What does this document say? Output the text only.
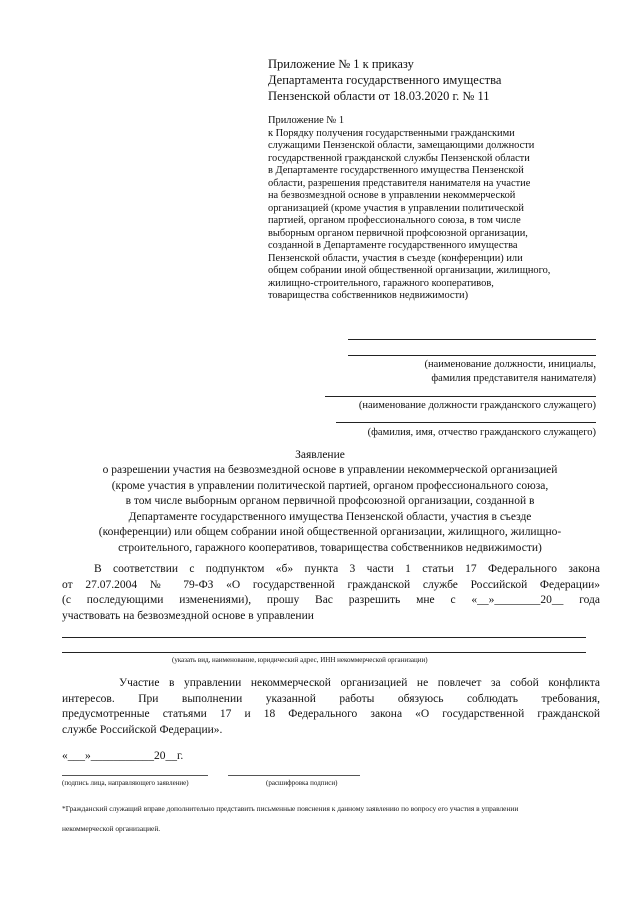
Приложение № 1 к приказу
Департамента государственного имущества
Пензенской области от 18.03.2020 г. № 11
Приложение № 1
к Порядку получения государственными гражданскими
служащими Пензенской области, замещающими должности
государственной гражданской службы Пензенской области
в Департаменте государственного имущества Пензенской
области, разрешения представителя нанимателя на участие
на безвозмездной основе в управлении некоммерческой
организацией (кроме участия в управлении политической
партией, органом профессионального союза, в том числе
выборным органом первичной профсоюзной организации,
созданной в Департаменте государственного имущества
Пензенской области, участия в съезде (конференции) или
общем собрании иной общественной организации, жилищного,
жилищно-строительного, гаражного кооперативов,
товарищества собственников недвижимости)
(наименование должности, инициалы,
фамилия представителя нанимателя)
(наименование должности гражданского служащего)
(фамилия, имя, отчество гражданского служащего)
Заявление
о разрешении участия на безвозмездной основе в управлении некоммерческой организацией
(кроме участия в управлении политической партией, органом профессионального союза,
в том числе выборным органом первичной профсоюзной организации, созданной в
Департаменте государственного имущества Пензенской области, участия в съезде
(конференции) или общем собрании иной общественной организации, жилищного, жилищно-
строительного, гаражного кооперативов, товарищества собственников недвижимости)
В соответствии с подпунктом «б» пункта 3 части 1 статьи 17 Федерального закона
от 27.07.2004 № 79-ФЗ «О государственной гражданской службе Российской Федерации»
(с последующими изменениями), прошу Вас разрешить мне с «__»________20__ года
участвовать на безвозмездной основе в управлении
(указать вид, наименование, юридический адрес, ИНН некоммерческой организации)
Участие в управлении некоммерческой организацией не повлечет за собой конфликта
интересов. При выполнении указанной работы обязуюсь соблюдать требования,
предусмотренные статьями 17 и 18 Федерального закона «О государственной гражданской
службе Российской Федерации».
«___»___________20__г.
(подпись лица, направляющего заявление)	(расшифровка подписи)
*Гражданский служащий вправе дополнительно представить письменные пояснения к данному заявлению по вопросу его участия в управлении
некоммерческой организацией.
